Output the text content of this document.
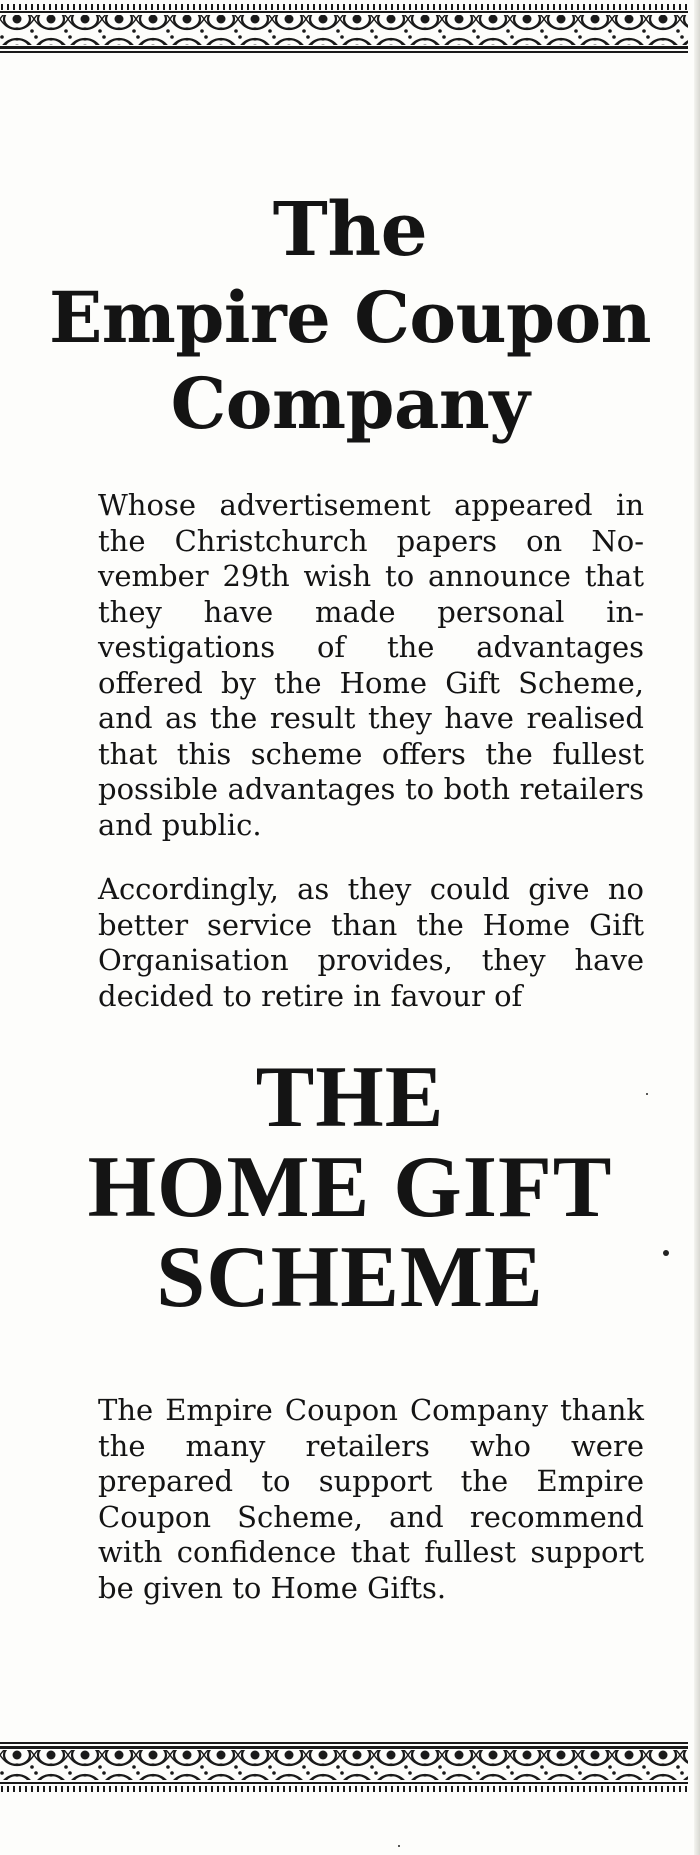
The
Empire Coupon
Company

Whose advertisement appeared in the Christchurch papers on November 29th wish to announce that they have made personal investigations of the advantages offered by the Home Gift Scheme, and as the result they have realised that this scheme offers the fullest possible advantages to both retailers and public.

Accordingly, as they could give no better service than the Home Gift Organisation provides, they have decided to retire in favour of

THE
HOME GIFT
SCHEME

The Empire Coupon Company thank the many retailers who were prepared to support the Empire Coupon Scheme, and recommend with confidence that fullest support be given to Home Gifts.
